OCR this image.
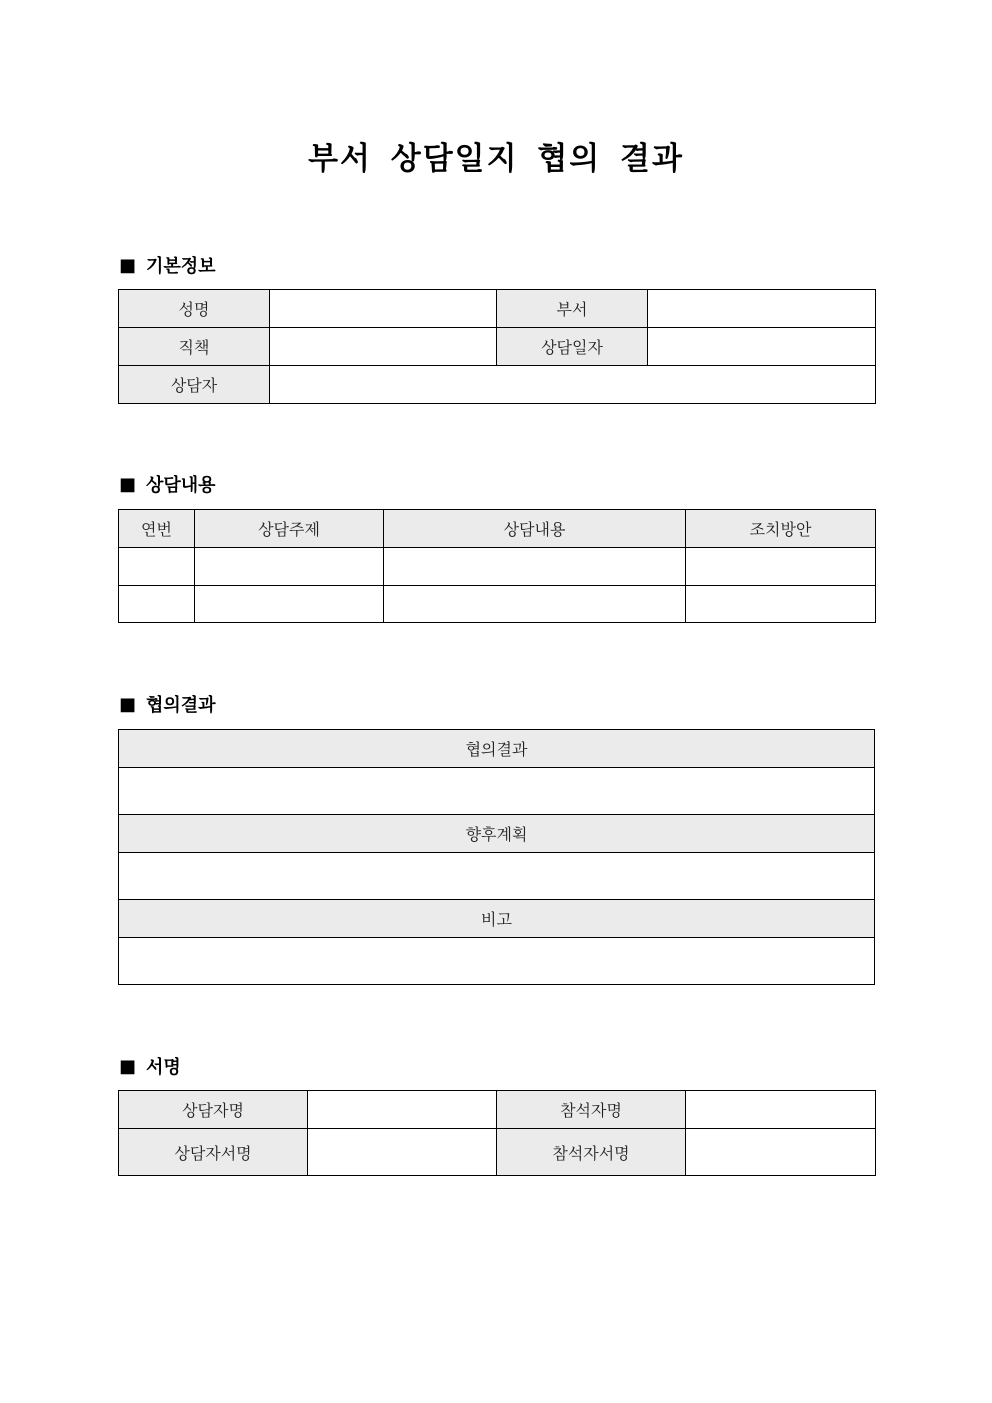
부서 상담일지 협의 결과
■ 기본정보
성명		부서	
직책		상담일자	
상담자			
■ 상담내용
연번	상담주제	상담내용	조치방안

■ 협의결과
협의결과

향후계획

비고

■ 서명
상담자명		참석자명	
상담자서명		참석자서명	
